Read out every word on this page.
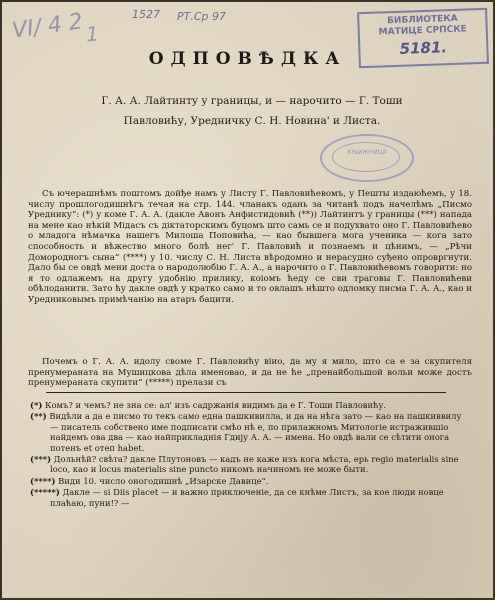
VI/ 4 2 1
1527 РТ.Ср 97	БИБЛИОТЕКА
МАТИЦЕ СРПСКЕ
5181.
КЊИЖНИЦА
ОДПОВѢДКА
Г. А. А. Лайтинту у границы, и — нарочито — Г. Тоши
Павловићу, Уредничку С. Н. Новина' и Листа.

Съ ючерашнѣмъ поштомъ дойђе намъ у Листу Г. Павловићевомъ, у Пешты издаюћемъ, у 18. числу прошлогодишнѣгъ течая на стр. 144. чланакъ одань за читанѣ подъ начелѣмъ „Писмо Уреднику“: (*) у коме Г. А. А. (дакле Авонъ Анфистидовић (**)) Лайтинтъ у границы (***) напада на мене као нѣкій Мідасъ съ діктаторскимъ буцомъ што самь се и подухвато оно Г. Павловићево о младога нѣмачка нашегъ Милоша Поповића, — као бывшега мога ученика — кога зато способность и вѣжество много болѣ нег' Г. Павловић и познаемъ и цѣнимъ, — „Рѣчи Домородногъ сына“ (****) у 10. числу С. Н. Листа вѣродомно и нерасудно суђено опровргнути. Дало бы се овдѣ мени доста о народолюбію Г. А. А., а нарочито о Г. Павловићевомъ говорити: но я то одлажемъ на другу удобнію прилику, коіомъ ћеду се сви траговы Г. Павловићеви обѣлоданити. Зато ћу дакле овдѣ у кратко само и то овлашъ нѣшто одломку писма Г. А. А., као и Уредниковымъ примѣчанію на атаръ бацити.

Почемъ о Г. А. А. идолу своме Г. Павловићу віио, да му я мило, што са е за скупителя пренумераната на Мушицкова дѣла именовао, и да не ће „пренайбольшой вольи може достъ пренумераната скупити“ (*****) прелази съ

(*) Комъ? и чемъ? не зна се: ал' изъ садржанія видимъ да е Г. Тоши Павловићу.

(**) Видѣли а да е писмо то текъ само една пашкивилла, и да на нѣга зато — као на пашкиввилу — писатель собствено име подписати смѣо нѣ е, по прилажномъ Митологіе истражившіо найдемъ ова два — као найприкладнія Гдију А. А. — имена. Но овдѣ вали се сѣтити онога потенъ еt отеп habet.

(***) Дольнѣй? свѣта? дакле Плутоновъ — кадъ не каже изъ кога мѣста, ерь regio materialis sine loco, као и locus materialis sine puncto никомъ начиномъ не може быти.

(****) Види 10. число оногодишнѣ „Изарске Давице“.

(*****) Дакле — si Diis placet — и важно приключеніе, да се кнѣме Листъ, за кое люди новце плаћаю, пуни!? —
